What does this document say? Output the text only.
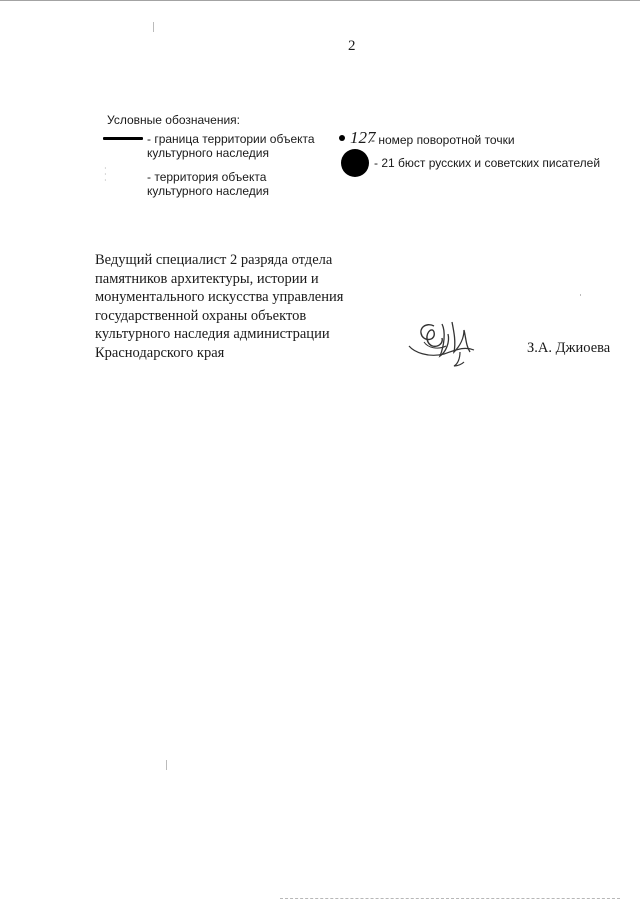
2
Условные обозначения:
- граница территории объекта
культурного наследия
· · ·	- территория объекта
культурного наследия
127
- номер поворотной точки
- 21 бюст русских и советских писателей
Ведущий специалист 2 разряда отдела
памятников архитектуры, истории и
монументального искусства управления
государственной охраны объектов
культурного наследия администрации
Краснодарского края	З.А. Джиоева
